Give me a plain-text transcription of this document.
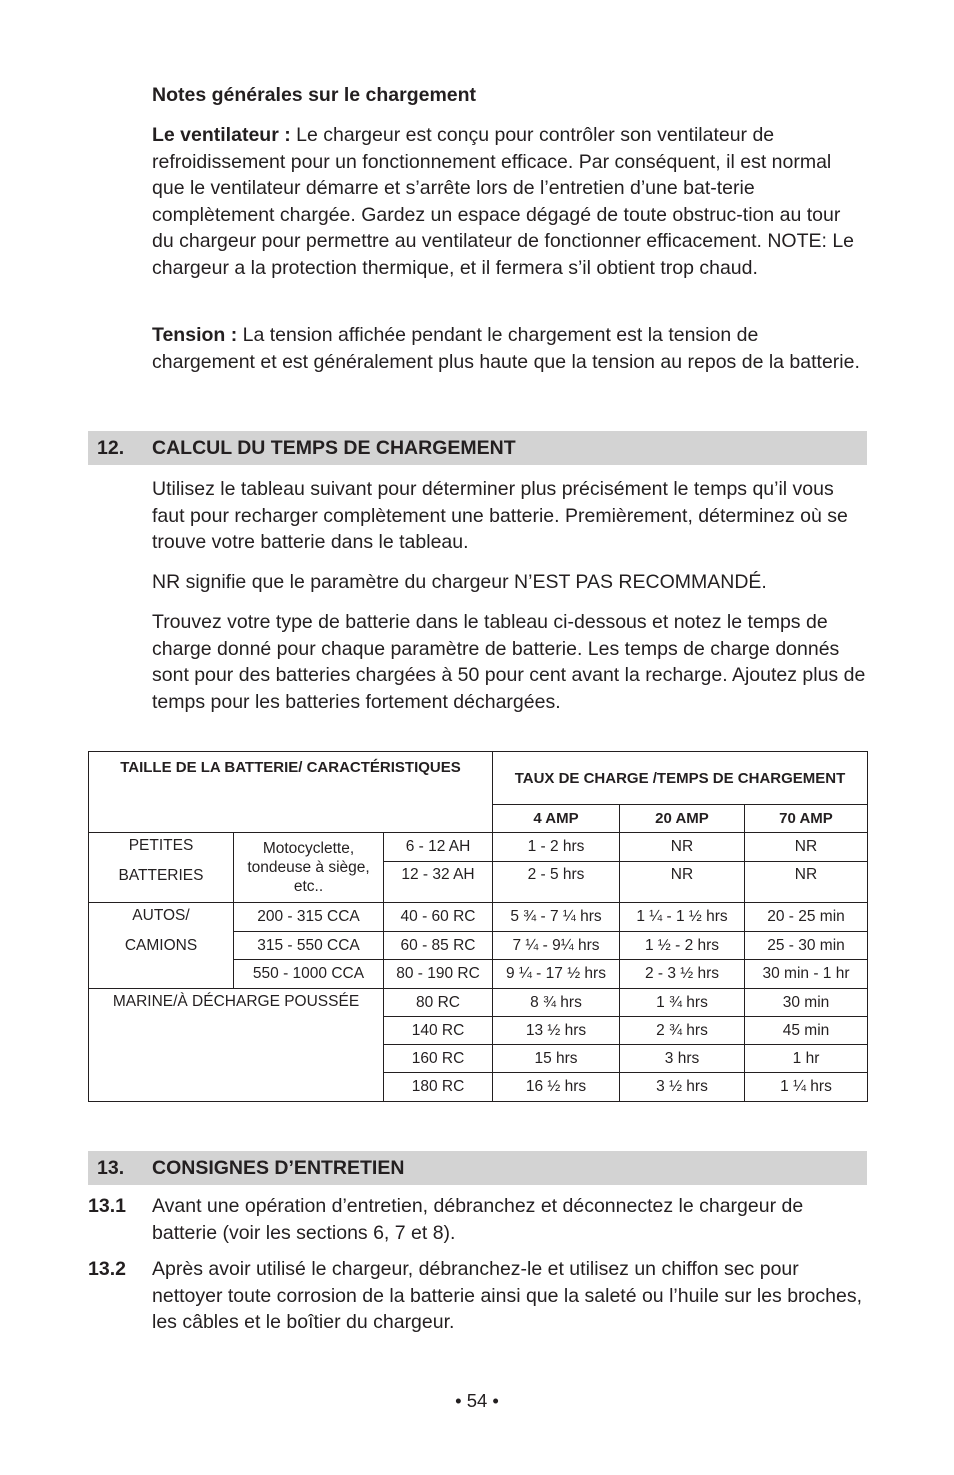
Notes générales sur le chargement

Le ventilateur : Le chargeur est conçu pour contrôler son ventilateur de refroidissement pour un fonctionnement efficace. Par conséquent, il est normal que le ventilateur démarre et s’arrête lors de l’entretien d’une bat-terie complètement chargée. Gardez un espace dégagé de toute obstruc-tion au tour du chargeur pour permettre au ventilateur de fonctionner efficacement. NOTE: Le chargeur a la protection thermique, et il fermera s’il obtient trop chaud.

Tension : La tension affichée pendant le chargement est la tension de chargement et est généralement plus haute que la tension au repos de la batterie.

12. CALCUL DU TEMPS DE CHARGEMENT

Utilisez le tableau suivant pour déterminer plus précisément le temps qu’il vous faut pour recharger complètement une batterie. Premièrement, déterminez où se trouve votre batterie dans le tableau.

NR signifie que le paramètre du chargeur N’EST PAS RECOMMANDÉ.

Trouvez votre type de batterie dans le tableau ci-dessous et notez le temps de charge donné pour chaque paramètre de batterie. Les temps de charge donnés sont pour des batteries chargées à 50 pour cent avant la recharge. Ajoutez plus de temps pour les batteries fortement déchargées.

TAILLE DE LA BATTERIE/ CARACTÉRISTIQUES			TAUX DE CHARGE /TEMPS DE CHARGEMENT		
			4 AMP	20 AMP	70 AMP

PETITES
BATTERIES	Motocyclette, tondeuse à siège, etc..	6 - 12 AH	1 - 2 hrs	NR	NR
		12 - 32 AH	2 - 5 hrs	NR	NR

AUTOS/
CAMIONS	200 - 315 CCA	40 - 60 RC	5 ¾ - 7 ¼ hrs	1 ¼ - 1 ½ hrs	20 - 25 min
	315 - 550 CCA	60 - 85 RC	7 ¼ - 9¼ hrs	1 ½ - 2 hrs	25 - 30 min
	550 - 1000 CCA	80 - 190 RC	9 ¼ - 17 ½ hrs	2 - 3 ½ hrs	30 min - 1 hr
MARINE/À DÉCHARGE POUSSÉE		80 RC	8 ¾ hrs	1 ¾ hrs	30 min
		140 RC	13 ½ hrs	2 ¾ hrs	45 min
		160 RC	15 hrs	3 hrs	1 hr
		180 RC	16 ½ hrs	3 ½ hrs	1 ¼ hrs
13. CONSIGNES D’ENTRETIEN
13.1 Avant une opération d’entretien, débranchez et déconnectez le chargeur de batterie (voir les sections 6, 7 et 8).

13.2 Après avoir utilisé le chargeur, débranchez-le et utilisez un chiffon sec pour nettoyer toute corrosion de la batterie ainsi que la saleté ou l’huile sur les broches, les câbles et le boîtier du chargeur.

• 54 •
